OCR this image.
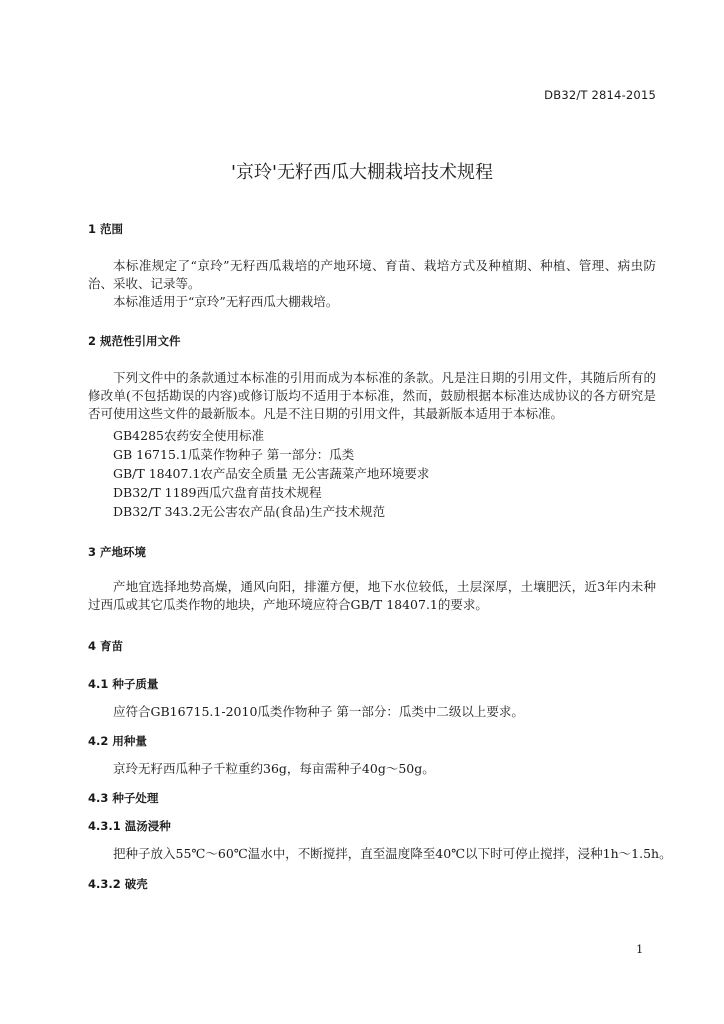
DB32/T 2814-2015
'京玲'无籽西瓜大棚栽培技术规程
1 范围
本标准规定了“京玲”无籽西瓜栽培的产地环境、育苗、栽培方式及种植期、种植、管理、病虫防
治、采收、记录等。
本标准适用于“京玲”无籽西瓜大棚栽培。
2 规范性引用文件
下列文件中的条款通过本标准的引用而成为本标准的条款。凡是注日期的引用文件，其随后所有的
修改单(不包括勘误的内容)或修订版均不适用于本标准，然而，鼓励根据本标准达成协议的各方研究是
否可使用这些文件的最新版本。凡是不注日期的引用文件，其最新版本适用于本标准。
GB4285农药安全使用标准
GB 16715.1瓜菜作物种子 第一部分：瓜类
GB/T 18407.1农产品安全质量 无公害蔬菜产地环境要求
DB32/T 1189西瓜穴盘育苗技术规程
DB32/T 343.2无公害农产品(食品)生产技术规范
3 产地环境
产地宜选择地势高燥，通风向阳，排灌方便，地下水位较低，土层深厚，土壤肥沃，近3年内未种
过西瓜或其它瓜类作物的地块，产地环境应符合GB/T 18407.1的要求。
4 育苗
4.1 种子质量
应符合GB16715.1-2010瓜类作物种子 第一部分：瓜类中二级以上要求。
4.2 用种量
京玲无籽西瓜种子千粒重约36g，每亩需种子40g～50g。
4.3 种子处理
4.3.1 温汤浸种
把种子放入55℃～60℃温水中，不断搅拌，直至温度降至40℃以下时可停止搅拌，浸种1h～1.5h。
4.3.2 破壳
1
